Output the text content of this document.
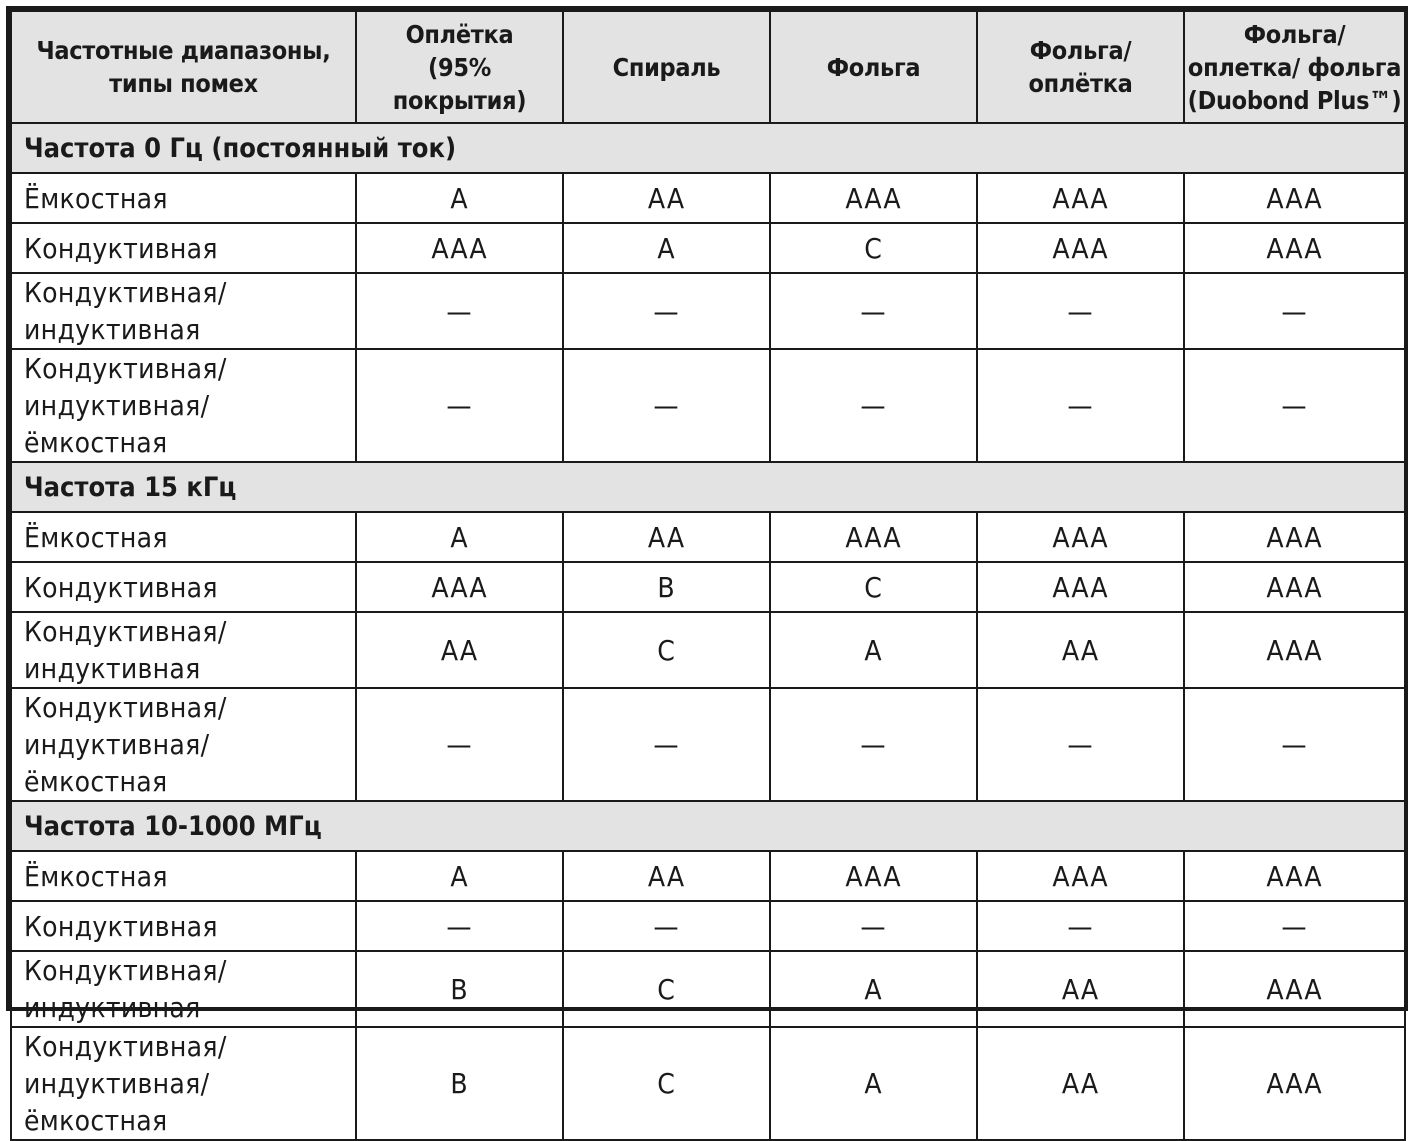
Частотные диапазоны, типы помех	Оплётка (95% покрытия)	Спираль	Фольга	Фольга/ оплётка	Фольга/ оплетка/ фольга (Duobond Plus™)
Частота 0 Гц (постоянный ток)					
Ёмкостная	A	AA	AAA	AAA	AAA
Кондуктивная	AAA	A	C	AAA	AAA
Кондуктивная/
индуктивная	—	—	—	—	—
Кондуктивная/
индуктивная/ ёмкостная	—	—	—	—	—
Частота 15 кГц					
Ёмкостная	A	AA	AAA	AAA	AAA
Кондуктивная	AAA	B	C	AAA	AAA
Кондуктивная/
индуктивная	AA	C	A	AA	AAA
Кондуктивная/
индуктивная/ ёмкостная	—	—	—	—	—
Частота 10-1000 МГц					
Ёмкостная	A	AA	AAA	AAA	AAA
Кондуктивная	—	—	—	—	—
Кондуктивная/
индуктивная	B	C	A	AA	AAA
Кондуктивная/
индуктивная/ ёмкостная	B	C	A	AA	AAA
